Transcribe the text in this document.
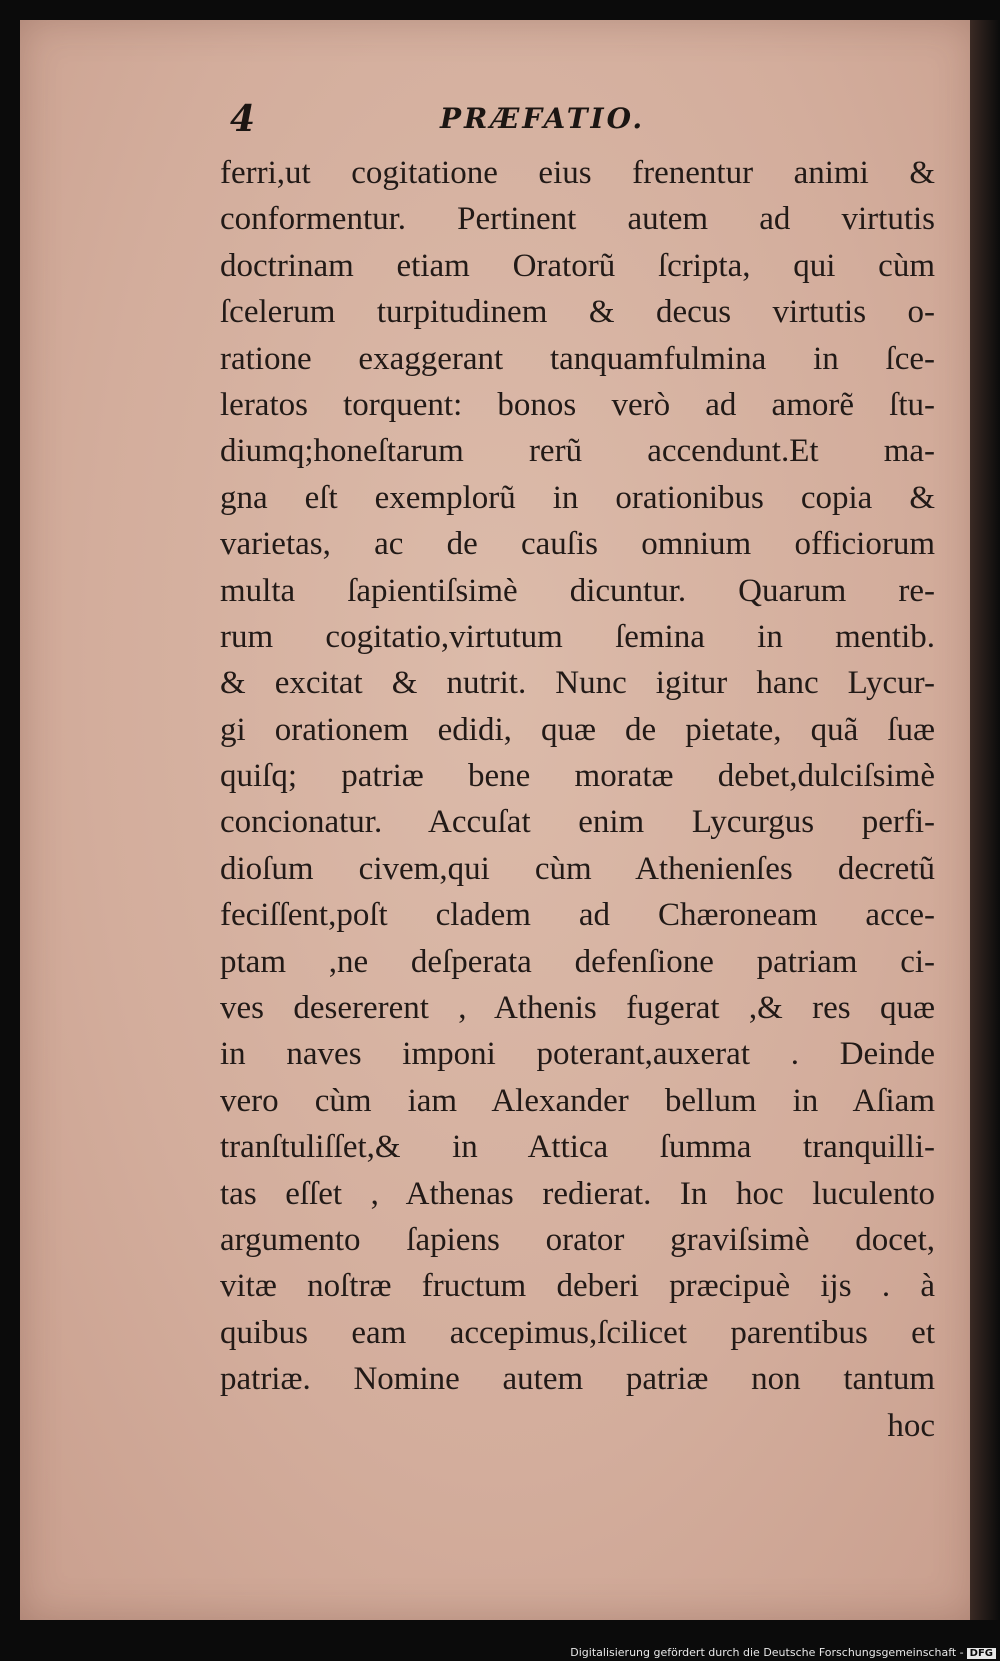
4	PRÆFATIO.
ferri,ut cogitatione eius frenentur animi &
conformentur. Pertinent autem ad virtutis
doctrinam etiam Oratorũ ſcripta, qui cùm
ſcelerum turpitudinem & decus virtutis o-
ratione exaggerant tanquamfulmina in ſce-
leratos torquent: bonos verò ad amorẽ ſtu-
diumq;honeſtarum rerũ accendunt.Et ma-
gna eſt exemplorũ in orationibus copia &
varietas, ac de cauſis omnium officiorum
multa ſapientiſsimè dicuntur. Quarum re-
rum cogitatio,virtutum ſemina in mentib.
& excitat & nutrit. Nunc igitur hanc Lycur-
gi orationem edidi, quæ de pietate, quã ſuæ
quiſq; patriæ bene moratæ debet,dulciſsimè
concionatur. Accuſat enim Lycurgus perfi-
dioſum civem,qui cùm Athenienſes decretũ
feciſſent,poſt cladem ad Chæroneam acce-
ptam ,ne deſperata defenſione patriam ci-
ves desererent , Athenis fugerat ,& res quæ
in naves imponi poterant,auxerat . Deinde
vero cùm iam Alexander bellum in Aſiam
tranſtuliſſet,& in Attica ſumma tranquilli-
tas eſſet , Athenas redierat. In hoc luculento
argumento ſapiens orator graviſsimè docet,
vitæ noſtræ fructum deberi præcipuè ijs . à
quibus eam accepimus,ſcilicet parentibus et
patriæ. Nomine autem patriæ non tantum
hoc
Digitalisierung gefördert durch die Deutsche Forschungsgemeinschaft - DFG
